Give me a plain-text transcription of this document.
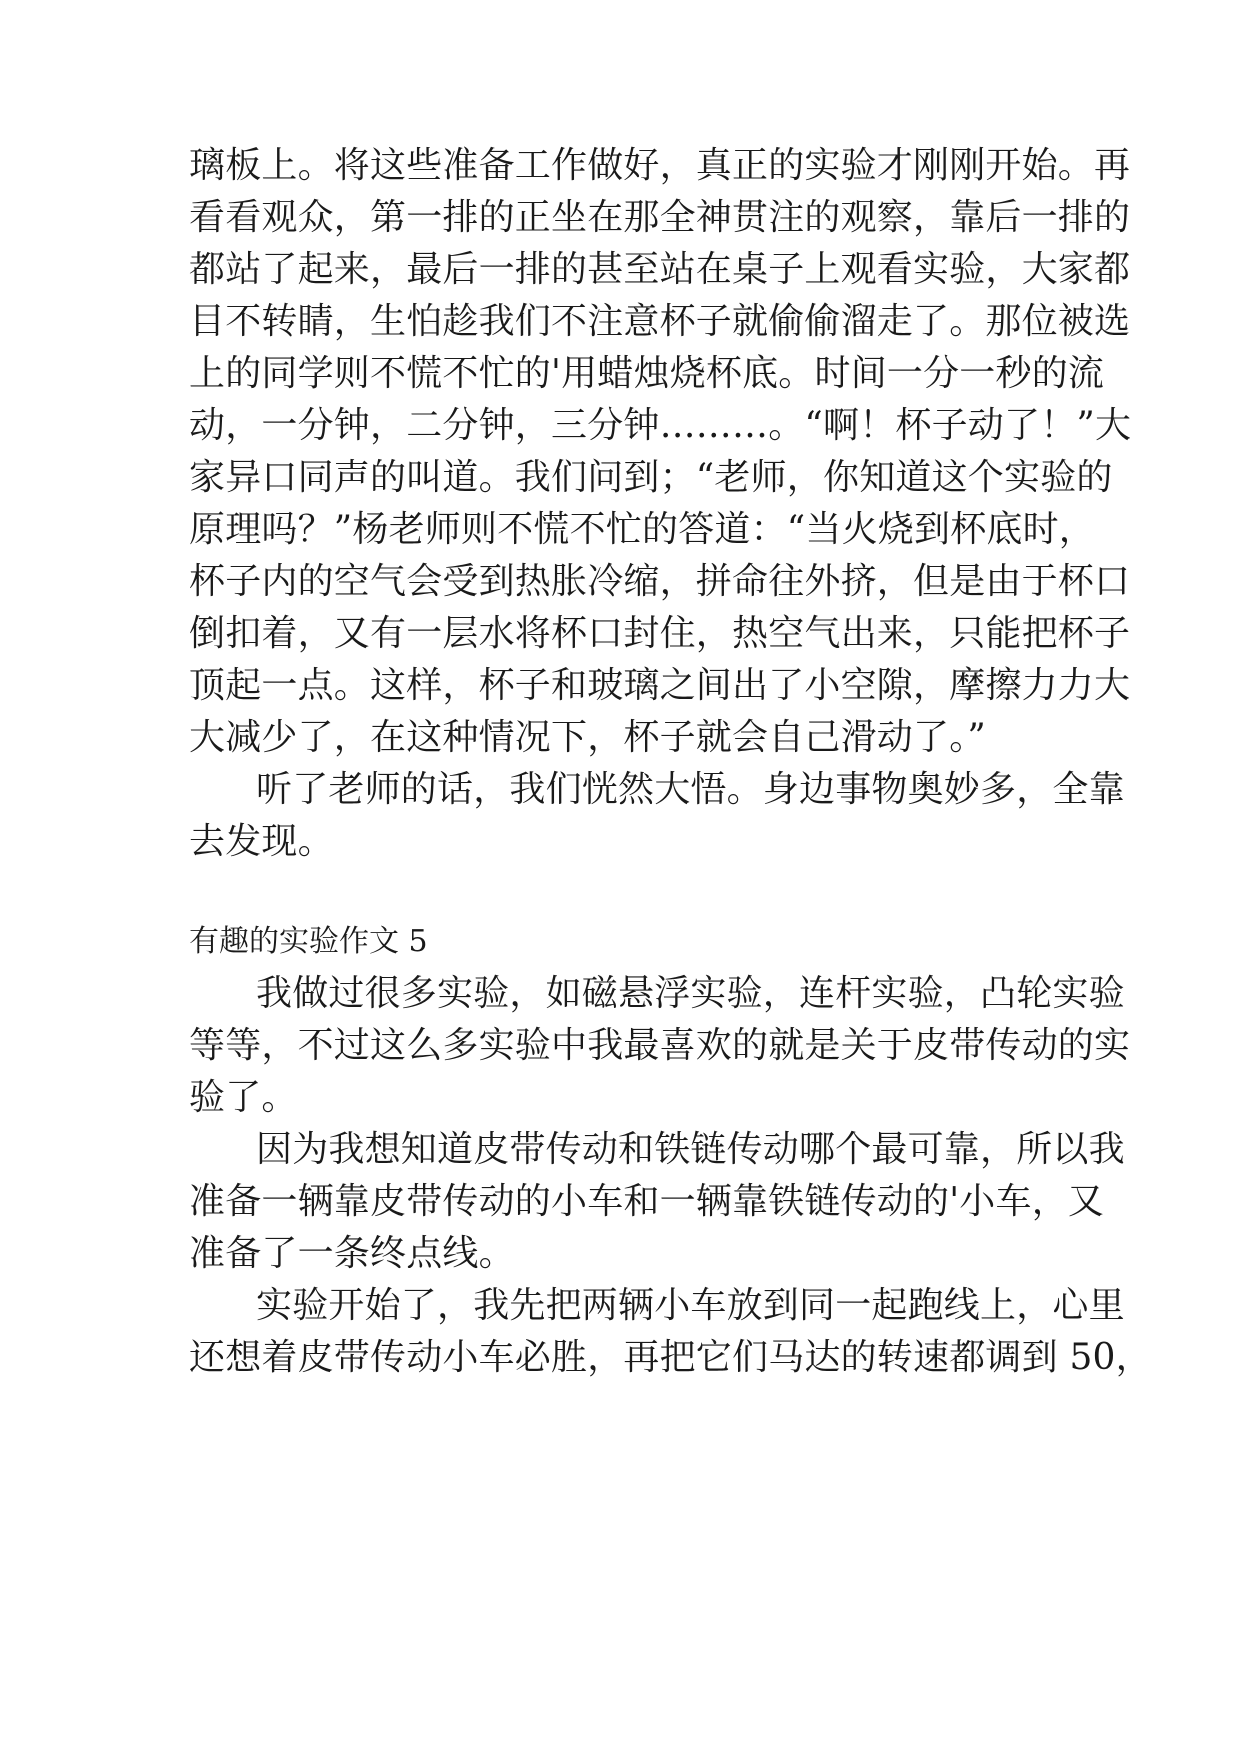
璃板上。将这些准备工作做好，真正的实验才刚刚开始。再
看看观众，第一排的正坐在那全神贯注的观察，靠后一排的
都站了起来，最后一排的甚至站在桌子上观看实验，大家都
目不转睛，生怕趁我们不注意杯子就偷偷溜走了。那位被选
上的同学则不慌不忙的'用蜡烛烧杯底。时间一分一秒的流
动，一分钟，二分钟，三分钟………。“啊！杯子动了！”大
家异口同声的叫道。我们问到；“老师，你知道这个实验的
原理吗？”杨老师则不慌不忙的答道：“当火烧到杯底时，
杯子内的空气会受到热胀冷缩，拼命往外挤，但是由于杯口
倒扣着，又有一层水将杯口封住，热空气出来，只能把杯子
顶起一点。这样，杯子和玻璃之间出了小空隙，摩擦力力大
大减少了，在这种情况下，杯子就会自己滑动了。”
听了老师的话，我们恍然大悟。身边事物奥妙多，全靠
去发现。
有趣的实验作文 5
我做过很多实验，如磁悬浮实验，连杆实验，凸轮实验
等等，不过这么多实验中我最喜欢的就是关于皮带传动的实
验了。
因为我想知道皮带传动和铁链传动哪个最可靠，所以我
准备一辆靠皮带传动的小车和一辆靠铁链传动的'小车，又
准备了一条终点线。
实验开始了，我先把两辆小车放到同一起跑线上，心里
还想着皮带传动小车必胜，再把它们马达的转速都调到 50，
